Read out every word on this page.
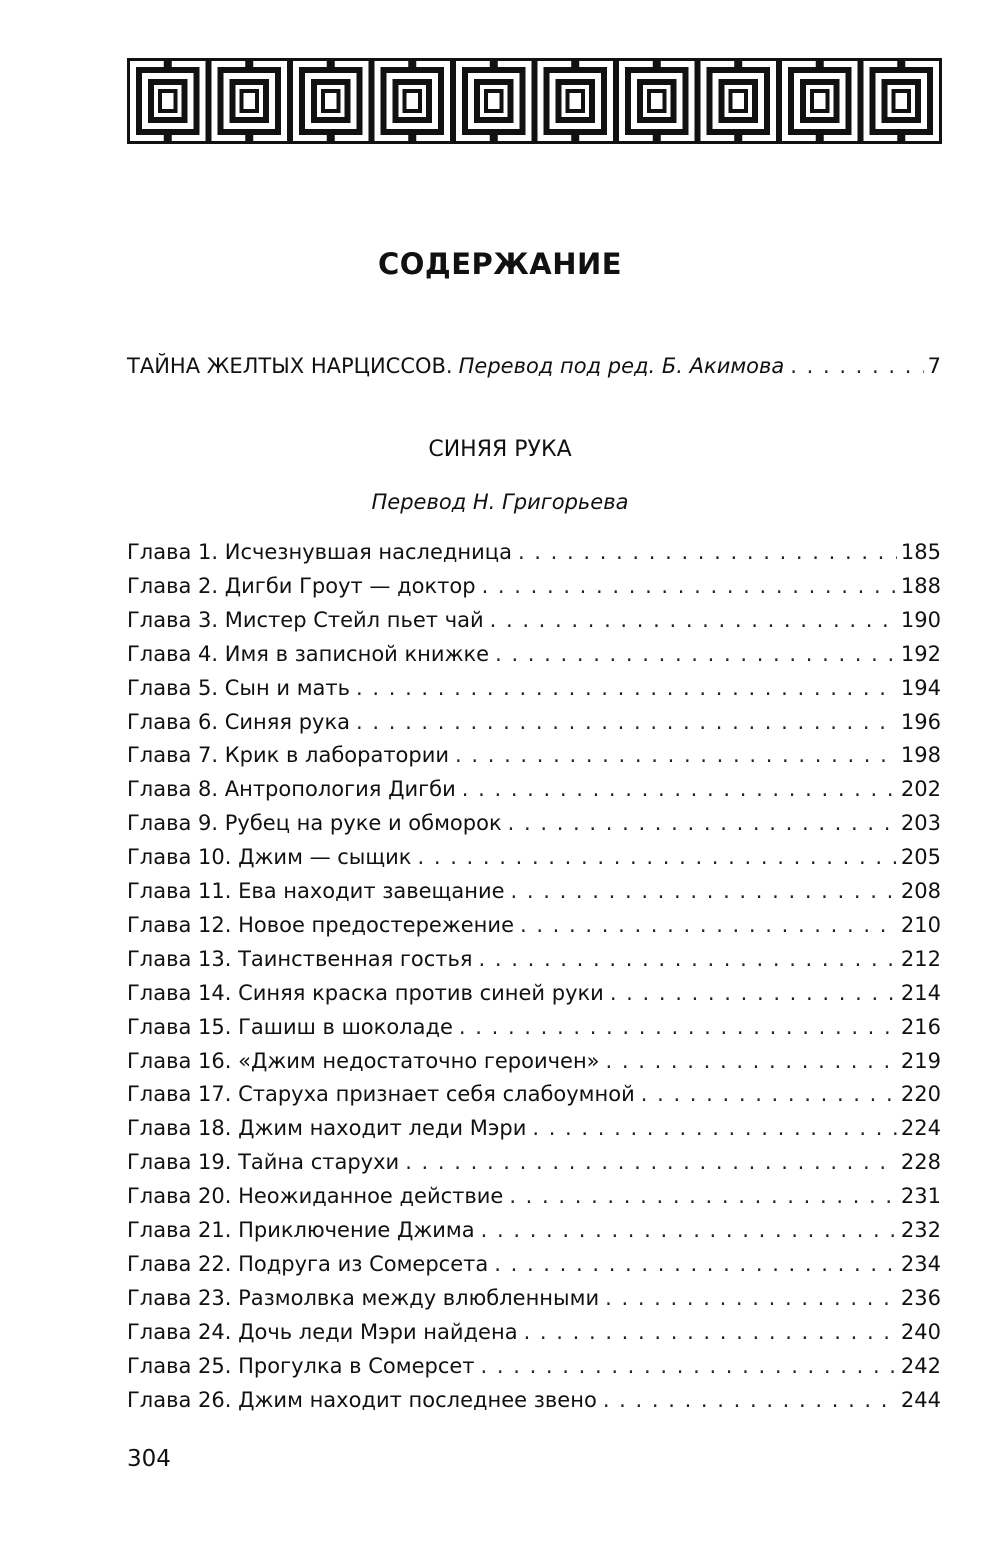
СОДЕРЖАНИЕ
ТАЙНА ЖЕЛТЫХ НАРЦИССОВ. Перевод под ред. Б. Акимова . . .	7
СИНЯЯ РУКА
Перевод Н. Григорьева
Глава 1. Исчезнувшая наследница . . .	185
Глава 2. Дигби Гроут — доктор . . .	188
Глава 3. Мистер Стейл пьет чай . . .	190
Глава 4. Имя в записной книжке . . .	192
Глава 5. Сын и мать . . .	194
Глава 6. Синяя рука . . .	196
Глава 7. Крик в лаборатории . . .	198
Глава 8. Антропология Дигби . . .	202
Глава 9. Рубец на руке и обморок . . .	203
Глава 10. Джим — сыщик . . .	205
Глава 11. Ева находит завещание . . .	208
Глава 12. Новое предостережение . . .	210
Глава 13. Таинственная гостья . . .	212
Глава 14. Синяя краска против синей руки . . .	214
Глава 15. Гашиш в шоколаде . . .	216
Глава 16. «Джим недостаточно героичен» . . .	219
Глава 17. Старуха признает себя слабоумной . . .	220
Глава 18. Джим находит леди Мэри . . .	224
Глава 19. Тайна старухи . . .	228
Глава 20. Неожиданное действие . . .	231
Глава 21. Приключение Джима . . .	232
Глава 22. Подруга из Сомерсета . . .	234
Глава 23. Размолвка между влюбленными . . .	236
Глава 24. Дочь леди Мэри найдена . . .	240
Глава 25. Прогулка в Сомерсет . . .	242
Глава 26. Джим находит последнее звено . . .	244
304
